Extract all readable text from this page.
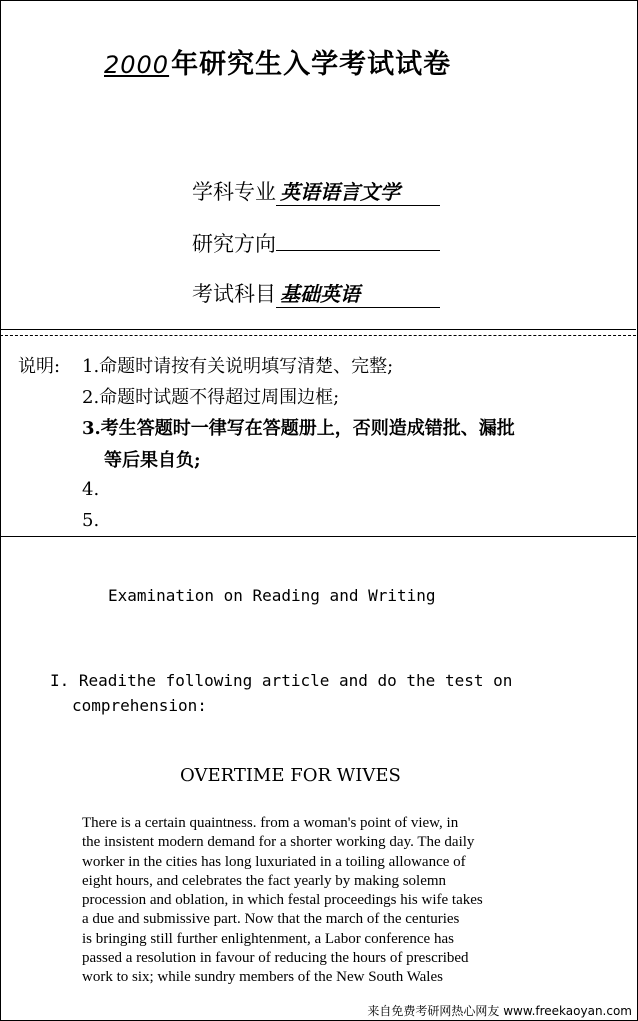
2000年研究生入学考试试卷
学科专业 英语语言文学
研究方向
考试科目 基础英语
说明: 1.命题时请按有关说明填写清楚、完整;
2.命题时试题不得超过周围边框;
3.考生答题时一律写在答题册上，否则造成错批、漏批
等后果自负;
4.
5.
Examination on Reading and Writing
I. Readithe following article and do the test on
comprehension:
OVERTIME FOR WIVES
There is a certain quaintness. from a woman's point of view, in
the insistent modern demand for a shorter working day. The daily
worker in the cities has long luxuriated in a toiling allowance of
eight hours, and celebrates the fact yearly by making solemn
procession and oblation, in which festal proceedings his wife takes
a due and submissive part. Now that the march of the centuries
is bringing still further enlightenment, a Labor conference has
passed a resolution in favour of reducing the hours of prescribed
work to six; while sundry members of the New South Wales
来自免费考研网热心网友 www.freekaoyan.com
